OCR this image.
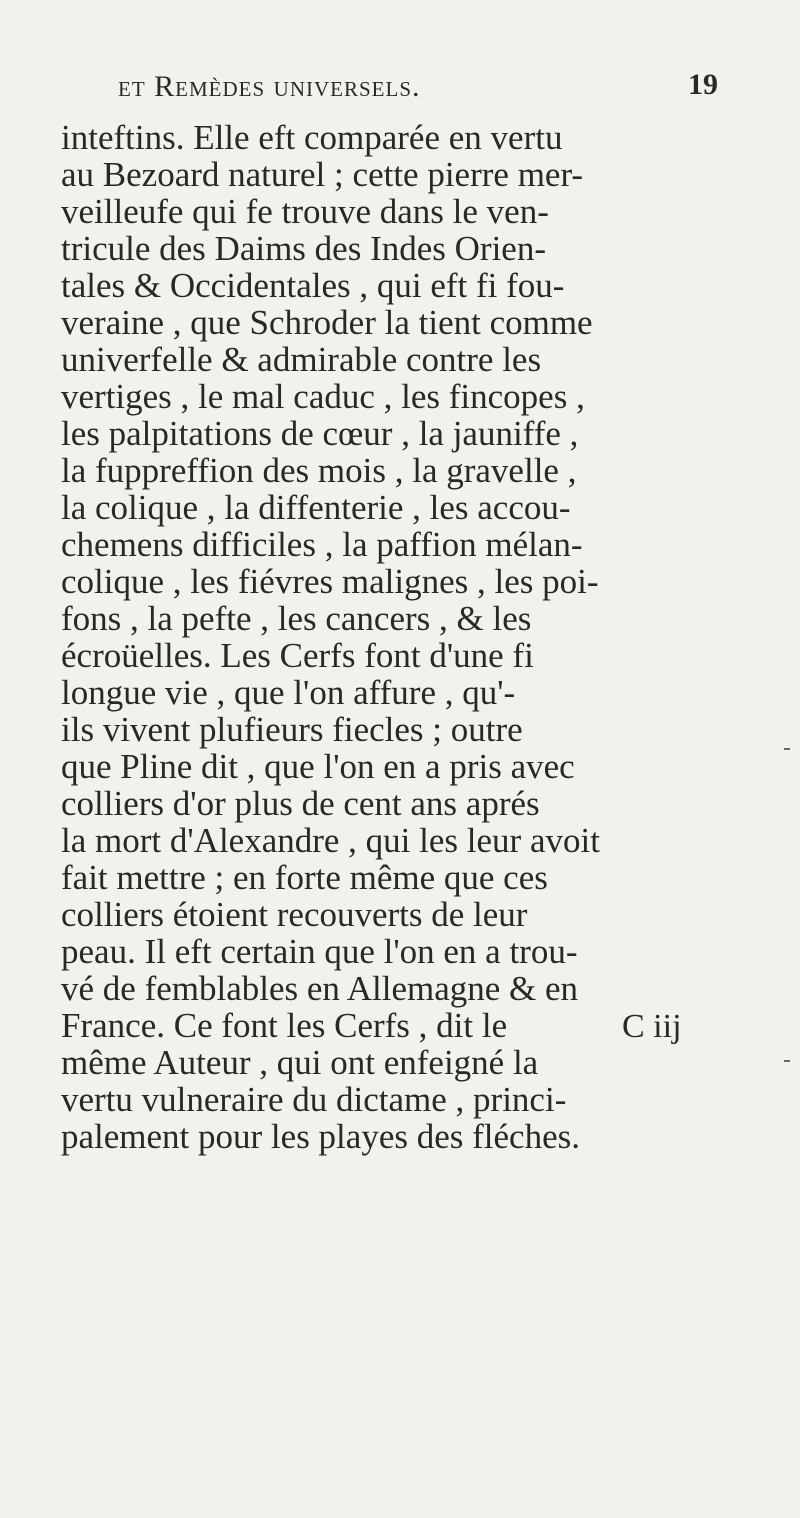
et Remèdes universels.	19
inteftins. Elle eft comparée en vertu
au Bezoard naturel ; cette pierre mer-
veilleufe qui fe trouve dans le ven-
tricule des Daims des Indes Orien-
tales & Occidentales , qui eft fi fou-
veraine , que Schroder la tient comme
univerfelle & admirable contre les
vertiges , le mal caduc , les fincopes ,
les palpitations de cœur , la jauniffe ,
la fuppreffion des mois , la gravelle ,
la colique , la diffenterie , les accou-
chemens difficiles , la paffion mélan-
colique , les fiévres malignes , les poi-
fons , la pefte , les cancers , & les
écroüelles. Les Cerfs font d'une fi
longue vie , que l'on affure , qu'-
ils vivent plufieurs fiecles ; outre
que Pline dit , que l'on en a pris avec
colliers d'or plus de cent ans aprés
la mort d'Alexandre , qui les leur avoit
fait mettre ; en forte même que ces
colliers étoient recouverts de leur
peau. Il eft certain que l'on en a trou-
vé de femblables en Allemagne & en
France. Ce font les Cerfs , dit le
même Auteur , qui ont enfeigné la
vertu vulneraire du dictame , princi-
palement pour les playes des fléches.
C iij
